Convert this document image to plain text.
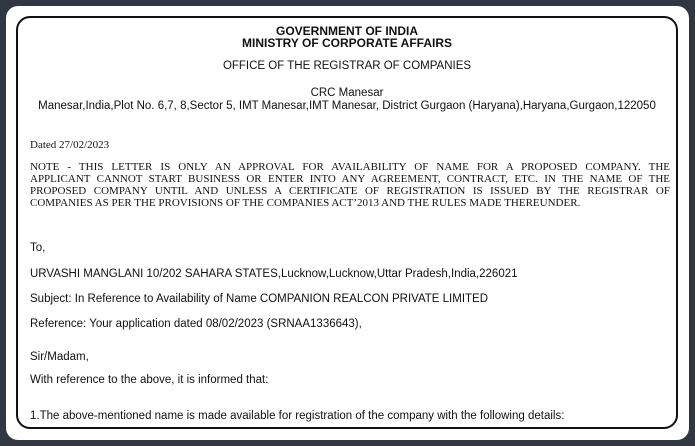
GOVERNMENT OF INDIA
MINISTRY OF CORPORATE AFFAIRS
OFFICE OF THE REGISTRAR OF COMPANIES
CRC Manesar
Manesar,India,Plot No. 6,7, 8,Sector 5, IMT Manesar,IMT Manesar, District Gurgaon (Haryana),Haryana,Gurgaon,122050
Dated 27/02/2023
NOTE - THIS LETTER IS ONLY AN APPROVAL FOR AVAILABILITY OF NAME FOR A PROPOSED COMPANY. THE
APPLICANT CANNOT START BUSINESS OR ENTER INTO ANY AGREEMENT, CONTRACT, ETC. IN THE NAME OF THE
PROPOSED COMPANY UNTIL AND UNLESS A CERTIFICATE OF REGISTRATION IS ISSUED BY THE REGISTRAR OF
COMPANIES AS PER THE PROVISIONS OF THE COMPANIES ACT’2013 AND THE RULES MADE THEREUNDER.
To,
URVASHI MANGLANI 10/202 SAHARA STATES,Lucknow,Lucknow,Uttar Pradesh,India,226021
Subject: In Reference to Availability of Name COMPANION REALCON PRIVATE LIMITED
Reference: Your application dated 08/02/2023 (SRNAA1336643),
Sir/Madam,
With reference to the above, it is informed that:
1.The above-mentioned name is made available for registration of the company with the following details:
